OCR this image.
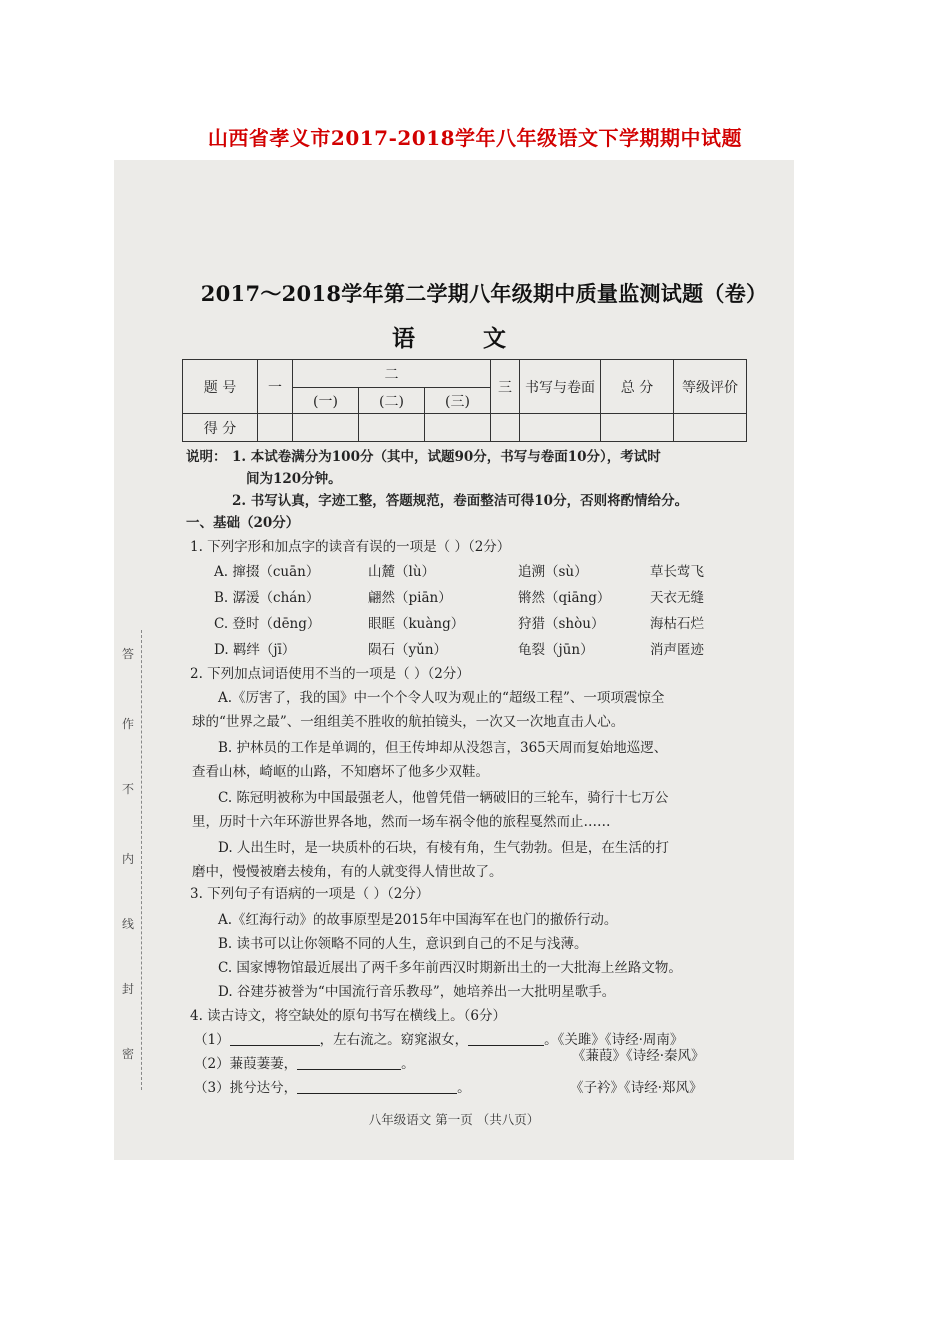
山西省孝义市2017-2018学年八年级语文下学期期中试题
答
作
不
内
线
封
密
2017～2018学年第二学期八年级期中质量监测试题（卷）
语 文
题 号	一	二			三	书写与卷面	总 分	等级评价
		(一)	(二)	(三)				
得 分								
说明： 1. 本试卷满分为100分（其中，试题90分，书写与卷面10分），考试时
间为120分钟。
2. 书写认真，字迹工整，答题规范，卷面整洁可得10分，否则将酌情给分。
一、基础（20分）
1. 下列字形和加点字的读音有误的一项是（ ）（2分）
A. 撺掇（cuān）	山麓（lù）	追溯（sù）	草长莺飞
B. 潺湲（chán）	翩然（piān）	锵然（qiāng）	天衣无缝
C. 登时（dēng）	眼眶（kuàng）	狩猎（shòu）	海枯石烂
D. 羁绊（jī）	陨石（yǔn）	龟裂（jūn）	消声匿迹
2. 下列加点词语使用不当的一项是（ ）（2分）
A.《厉害了，我的国》中一个个令人叹为观止的“超级工程”、一项项震惊全
球的“世界之最”、一组组美不胜收的航拍镜头，一次又一次地直击人心。
B. 护林员的工作是单调的，但王传坤却从没怨言，365天周而复始地巡逻、
查看山林，崎岖的山路，不知磨坏了他多少双鞋。
C. 陈冠明被称为中国最强老人，他曾凭借一辆破旧的三轮车，骑行十七万公
里，历时十六年环游世界各地，然而一场车祸令他的旅程戛然而止……
D. 人出生时，是一块质朴的石块，有棱有角，生气勃勃。但是，在生活的打
磨中，慢慢被磨去棱角，有的人就变得人情世故了。
3. 下列句子有语病的一项是（ ）（2分）
A.《红海行动》的故事原型是2015年中国海军在也门的撤侨行动。
B. 读书可以让你领略不同的人生，意识到自己的不足与浅薄。
C. 国家博物馆最近展出了两千多年前西汉时期新出土的一大批海上丝路文物。
D. 谷建芬被誉为“中国流行音乐教母”，她培养出一大批明星歌手。
4. 读古诗文，将空缺处的原句书写在横线上。（6分）
（1）	，左右流之。窈窕淑女，	。《关雎》《诗经·周南》
（2）蒹葭萋萋，	。	《蒹葭》《诗经·秦风》
（3）挑兮达兮，	。	《子衿》《诗经·郑风》
八年级语文 第一页 （共八页）
